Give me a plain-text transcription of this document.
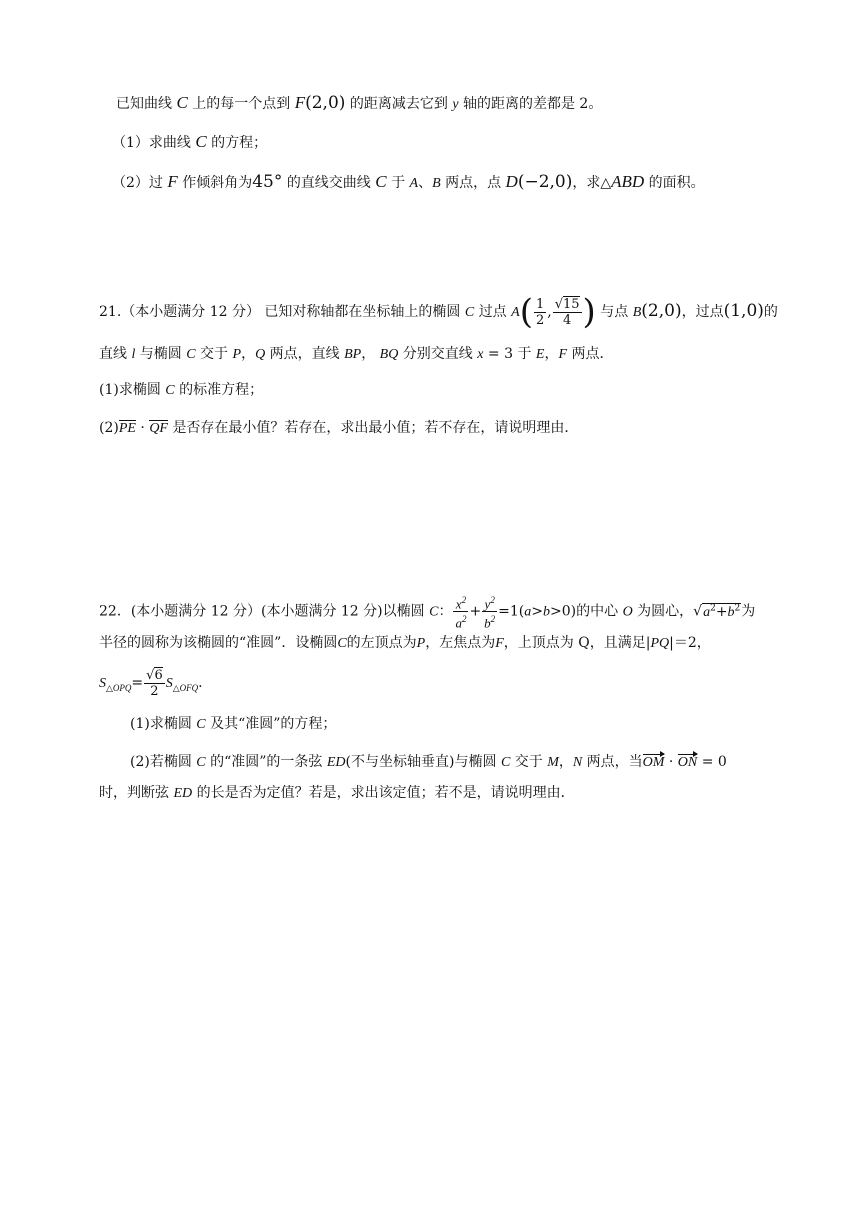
已知曲线 C 上的每一个点到 F(2,0) 的距离减去它到 y 轴的距离的差都是 2。
（1）求曲线 C 的方程；
（2）过 F 作倾斜角为45° 的直线交曲线 C 于 A、B 两点，点 D(−2,0)，求△ABD 的面积。
21.（本小题满分 12 分） 已知对称轴都在坐标轴上的椭圆 C 过点 $A( \frac{1}{2}$ , $\frac{√15}{4}$ ) 与点 B(2,0)，过点(1,0)的
直线 l 与椭圆 C 交于 P，Q 两点，直线 BP， BQ 分别交直线 x = 3 于 E，F 两点．
(1)求椭圆 C 的标准方程；
(2)PE · QF 是否存在最小值？若存在，求出最小值；若不存在，请说明理由．
22．(本小题满分 12 分）(本小题满分 12 分)以椭圆 C： $\frac{x^2}{a^2} + \frac{y^2}{b^2} =1(a>b>0)$的中心 O 为圆心，$√a^2+b^2$为
半径的圆称为该椭圆的“准圆”．设椭圆C的左顶点为P，左焦点为F，上顶点为 Q，且满足|PQ|＝2，
$S_{\triangle OPQ}= \frac{√6}{2} S_{\triangle OFQ}$.
(1)求椭圆 C 及其“准圆”的方程；
(2)若椭圆 C 的“准圆”的一条弦 ED(不与坐标轴垂直)与椭圆 C 交于 M，N 两点，当OM · ON = 0
时，判断弦 ED 的长是否为定值？若是，求出该定值；若不是，请说明理由．
